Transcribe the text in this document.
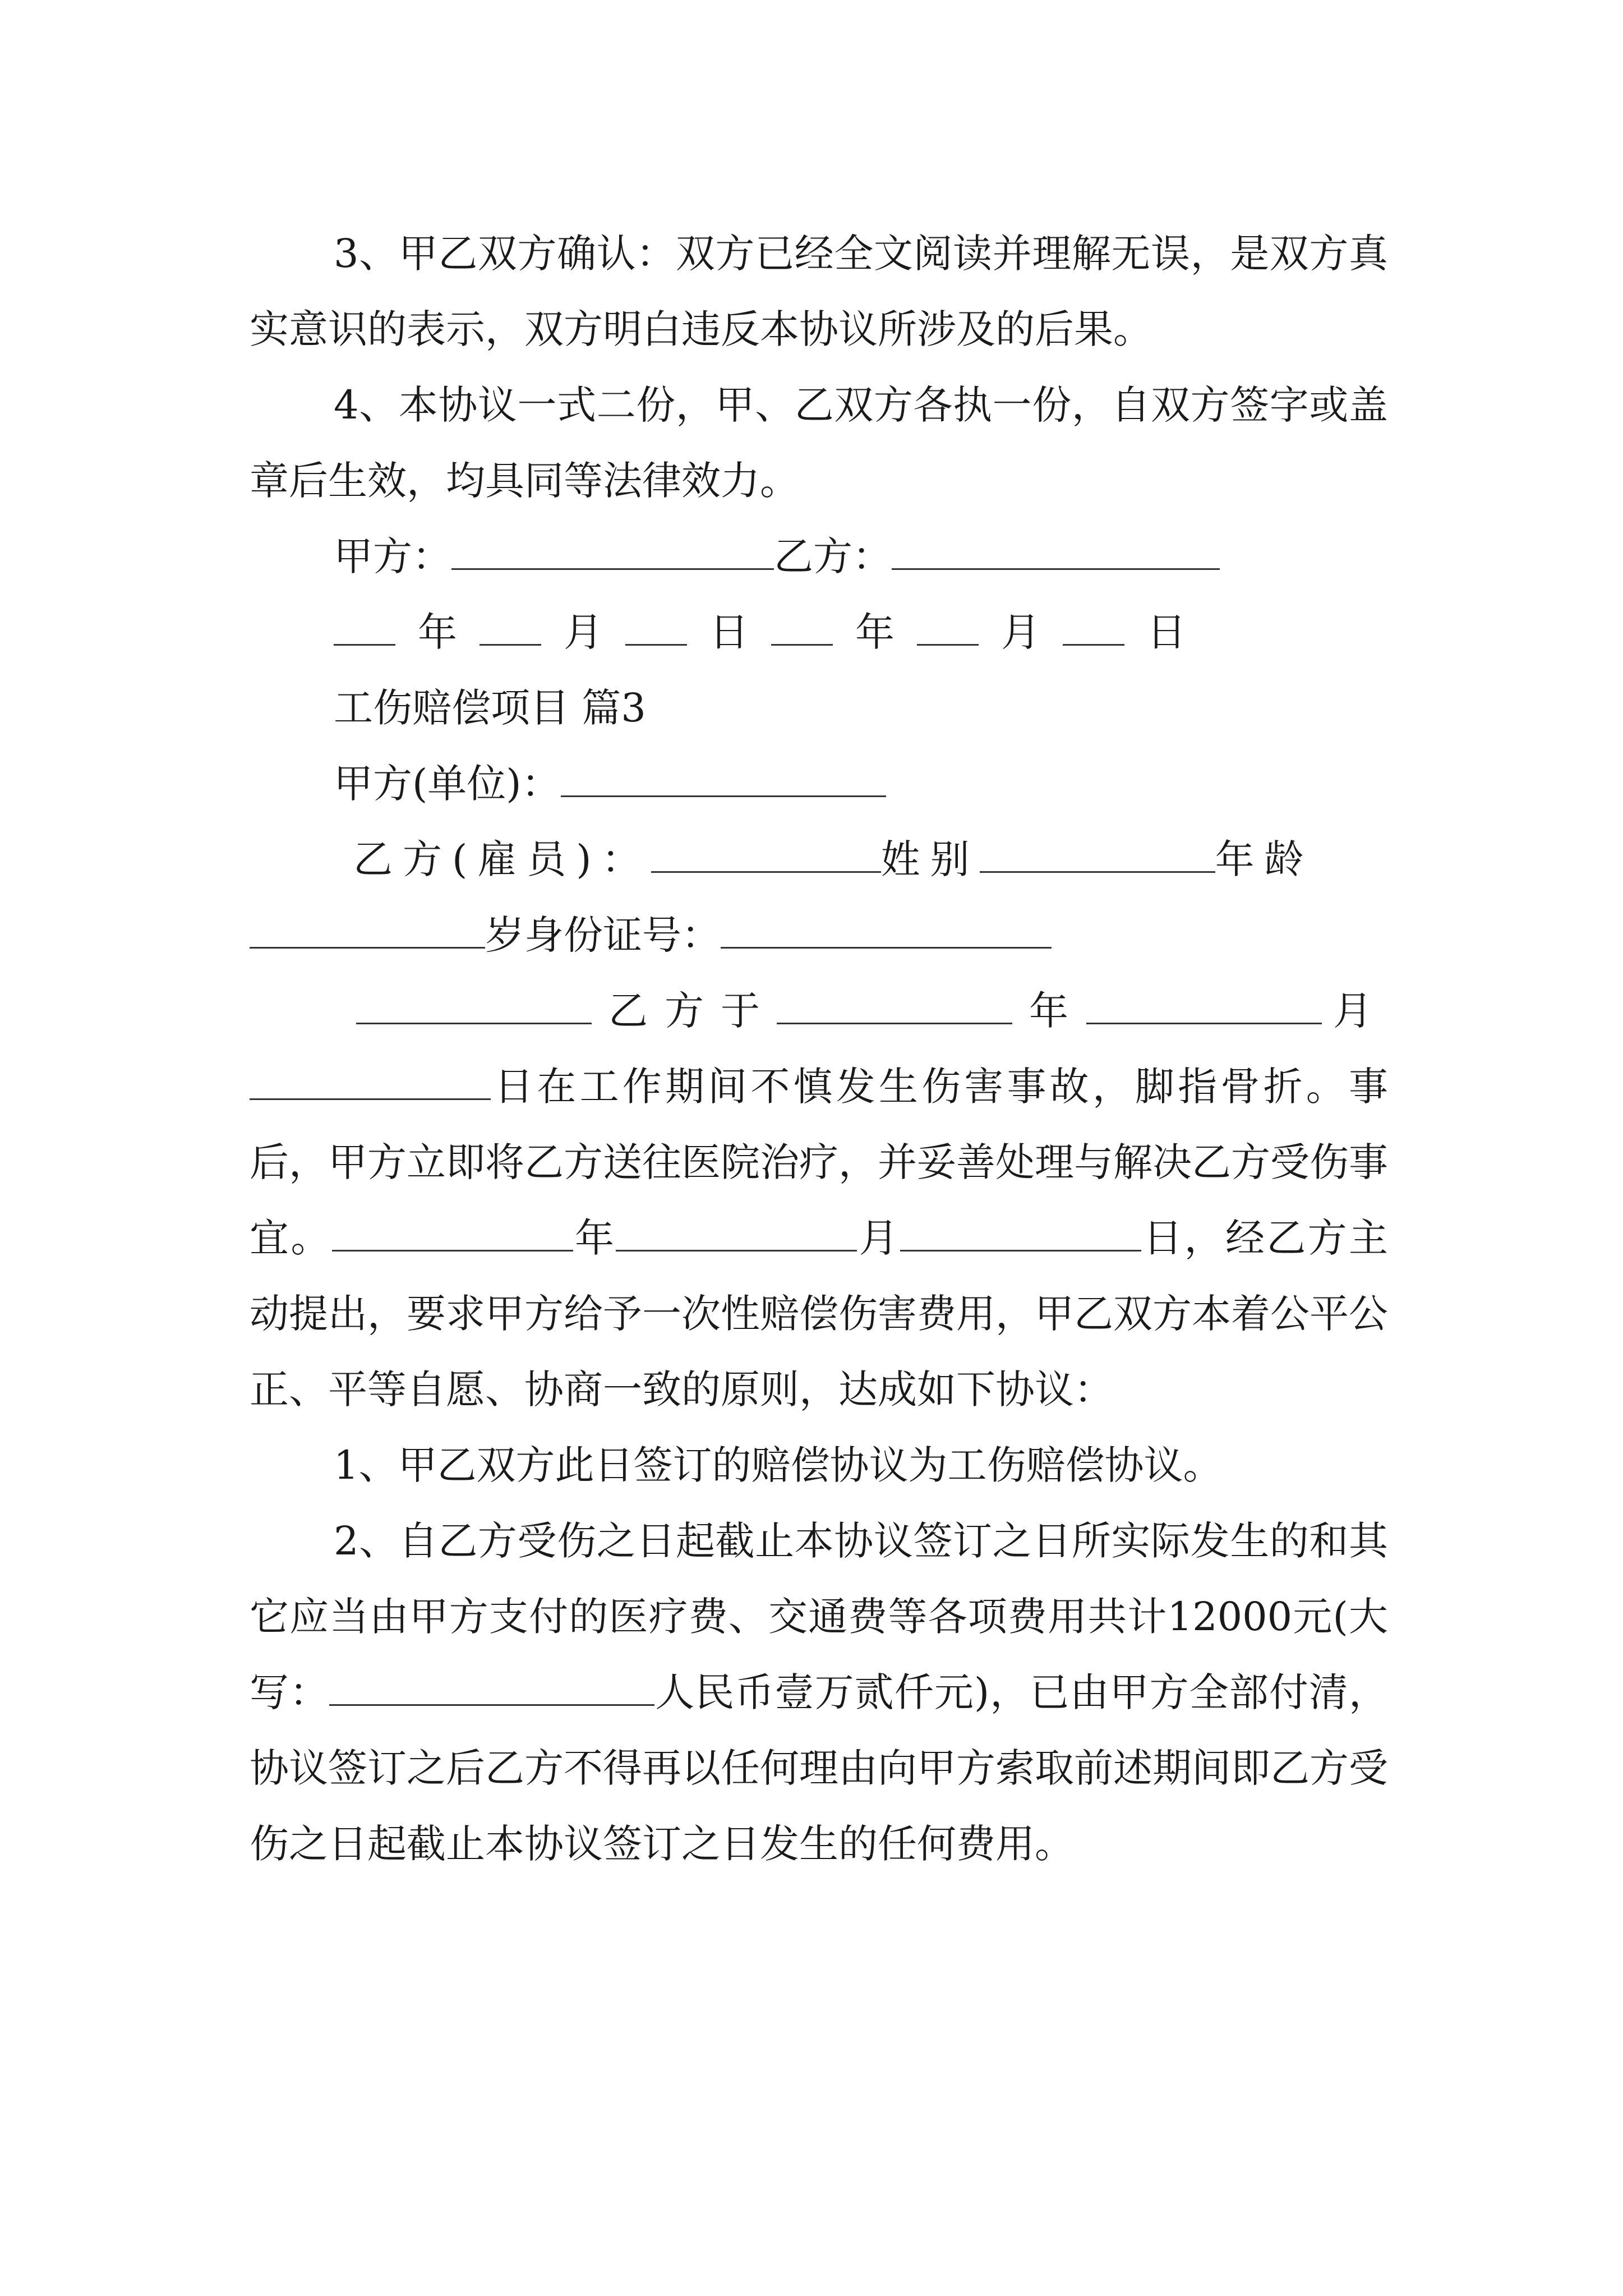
3、甲乙双方确认：双方已经全文阅读并理解无误，是双方真实意识的表示，双方明白违反本协议所涉及的后果。

4、本协议一式二份，甲、乙双方各执一份，自双方签字或盖章后生效，均具同等法律效力。

甲方：	乙方：
年	月	日	年	月	日
工伤赔偿项目 篇3
甲方(单位)：
乙方(雇员)：	姓别	年龄
岁身份证号：
乙方于	年	月

日在工作期间不慎发生伤害事故，脚指骨折。事后，甲方立即将乙方送往医院治疗，并妥善处理与解决乙方受伤事宜。	年	月	日，经乙方主动提出，要求甲方给予一次性赔偿伤害费用，甲乙双方本着公平公正、平等自愿、协商一致的原则，达成如下协议：

1、甲乙双方此日签订的赔偿协议为工伤赔偿协议。

2、自乙方受伤之日起截止本协议签订之日所实际发生的和其它应当由甲方支付的医疗费、交通费等各项费用共计12000元(大写：	人民币壹万贰仟元)，已由甲方全部付清，协议签订之后乙方不得再以任何理由向甲方索取前述期间即乙方受伤之日起截止本协议签订之日发生的任何费用。
